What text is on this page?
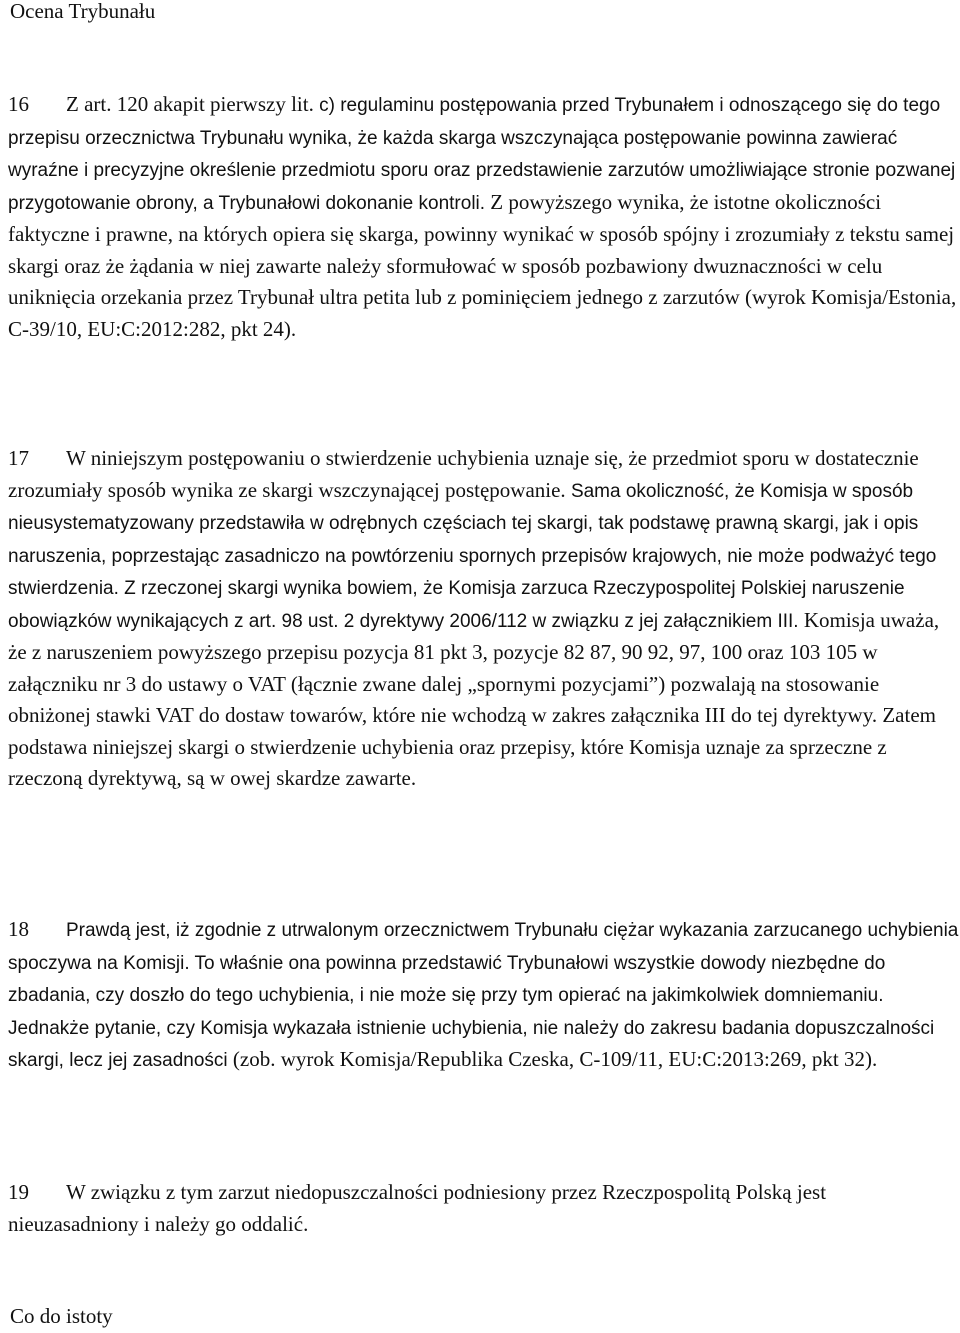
Ocena Trybunału

16 Z art. 120 akapit pierwszy lit. c) regulaminu postępowania przed Trybunałem i odnoszącego się do tego przepisu orzecznictwa Trybunału wynika, że każda skarga wszczynająca postępowanie powinna zawierać wyraźne i precyzyjne określenie przedmiotu sporu oraz przedstawienie zarzutów umożliwiające stronie pozwanej przygotowanie obrony, a Trybunałowi dokonanie kontroli. Z powyższego wynika, że istotne okoliczności faktyczne i prawne, na których opiera się skarga, powinny wynikać w sposób spójny i zrozumiały z tekstu samej skargi oraz że żądania w niej zawarte należy sformułować w sposób pozbawiony dwuznaczności w celu uniknięcia orzekania przez Trybunał ultra petita lub z pominięciem jednego z zarzutów (wyrok Komisja/Estonia, C‑39/10, EU:C:2012:282, pkt 24).

17 W niniejszym postępowaniu o stwierdzenie uchybienia uznaje się, że przedmiot sporu w dostatecznie zrozumiały sposób wynika ze skargi wszczynającej postępowanie. Sama okoliczność, że Komisja w sposób nieusystematyzowany przedstawiła w odrębnych częściach tej skargi, tak podstawę prawną skargi, jak i opis naruszenia, poprzestając zasadniczo na powtórzeniu spornych przepisów krajowych, nie może podważyć tego stwierdzenia. Z rzeczonej skargi wynika bowiem, że Komisja zarzuca Rzeczypospolitej Polskiej naruszenie obowiązków wynikających z art. 98 ust. 2 dyrektywy 2006/112 w związku z jej załącznikiem III. Komisja uważa, że z naruszeniem powyższego przepisu pozycja 81 pkt 3, pozycje 82 87, 90 92, 97, 100 oraz 103 105 w załączniku nr 3 do ustawy o VAT (łącznie zwane dalej „spornymi pozycjami”) pozwalają na stosowanie obniżonej stawki VAT do dostaw towarów, które nie wchodzą w zakres załącznika III do tej dyrektywy. Zatem podstawa niniejszej skargi o stwierdzenie uchybienia oraz przepisy, które Komisja uznaje za sprzeczne z rzeczoną dyrektywą, są w owej skardze zawarte.

18 Prawdą jest, iż zgodnie z utrwalonym orzecznictwem Trybunału ciężar wykazania zarzucanego uchybienia spoczywa na Komisji. To właśnie ona powinna przedstawić Trybunałowi wszystkie dowody niezbędne do zbadania, czy doszło do tego uchybienia, i nie może się przy tym opierać na jakimkolwiek domniemaniu. Jednakże pytanie, czy Komisja wykazała istnienie uchybienia, nie należy do zakresu badania dopuszczalności skargi, lecz jej zasadności (zob. wyrok Komisja/Republika Czeska, C‑109/11, EU:C:2013:269, pkt 32).

19 W związku z tym zarzut niedopuszczalności podniesiony przez Rzeczpospolitą Polską jest nieuzasadniony i należy go oddalić.

Co do istoty
